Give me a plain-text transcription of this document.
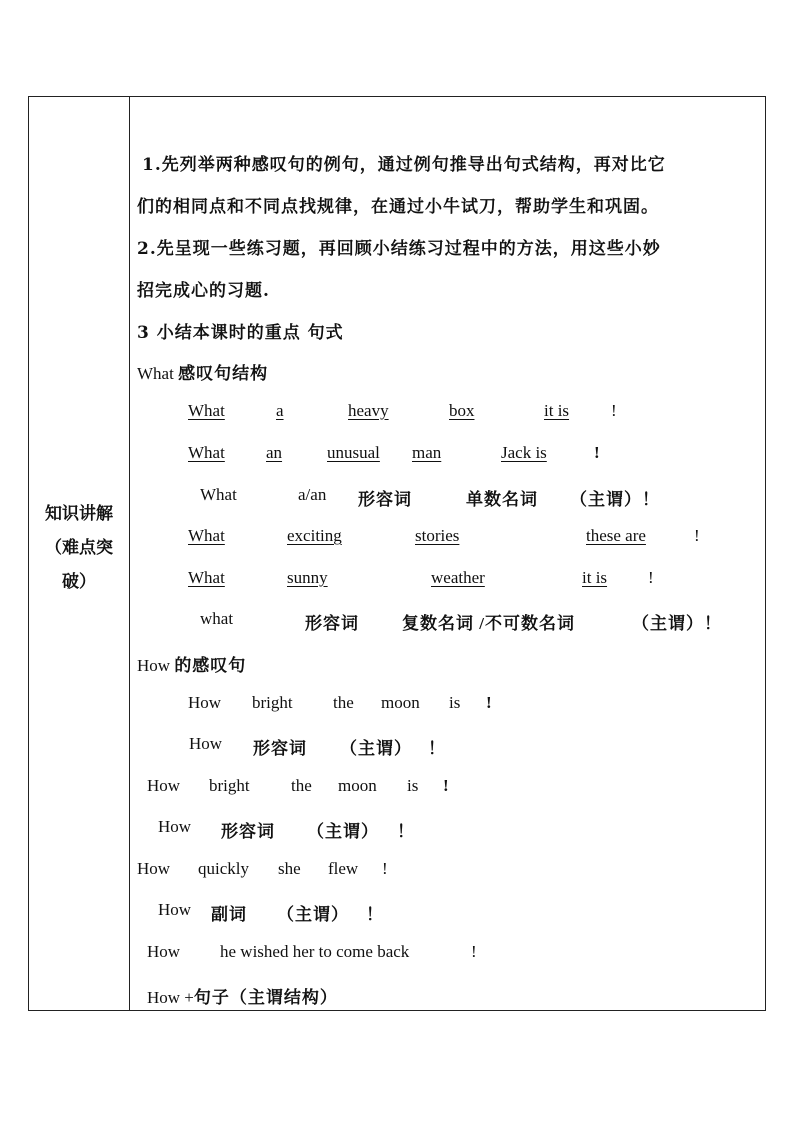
知识讲解
（难点突
破）
1.先列举两种感叹句的例句，通过例句推导出句式结构，再对比它
们的相同点和不同点找规律，在通过小牛试刀，帮助学生和巩固。
2.先呈现一些练习题，再回顾小结练习过程中的方法，用这些小妙
招完成心的习题.
3 小结本课时的重点 句式
What 感叹句结构
What	a	heavy	box	it is !
What an	unusual man	Jack is	!
What	a/an 形容词	单数名词 （主谓）！
What	exciting	stories	these are	!
What	sunny	weather	it is !
what	形容词	复数名词 /不可数名词	（主谓）！
How 的感叹句
How bright the moon is !
How 形容词 （主谓） ！
How bright the moon is !
How 形容词 （主谓） ！
How quickly she flew !
How 副词 （主谓） ！
How he wished her to come back	!
How +句子（主谓结构）
